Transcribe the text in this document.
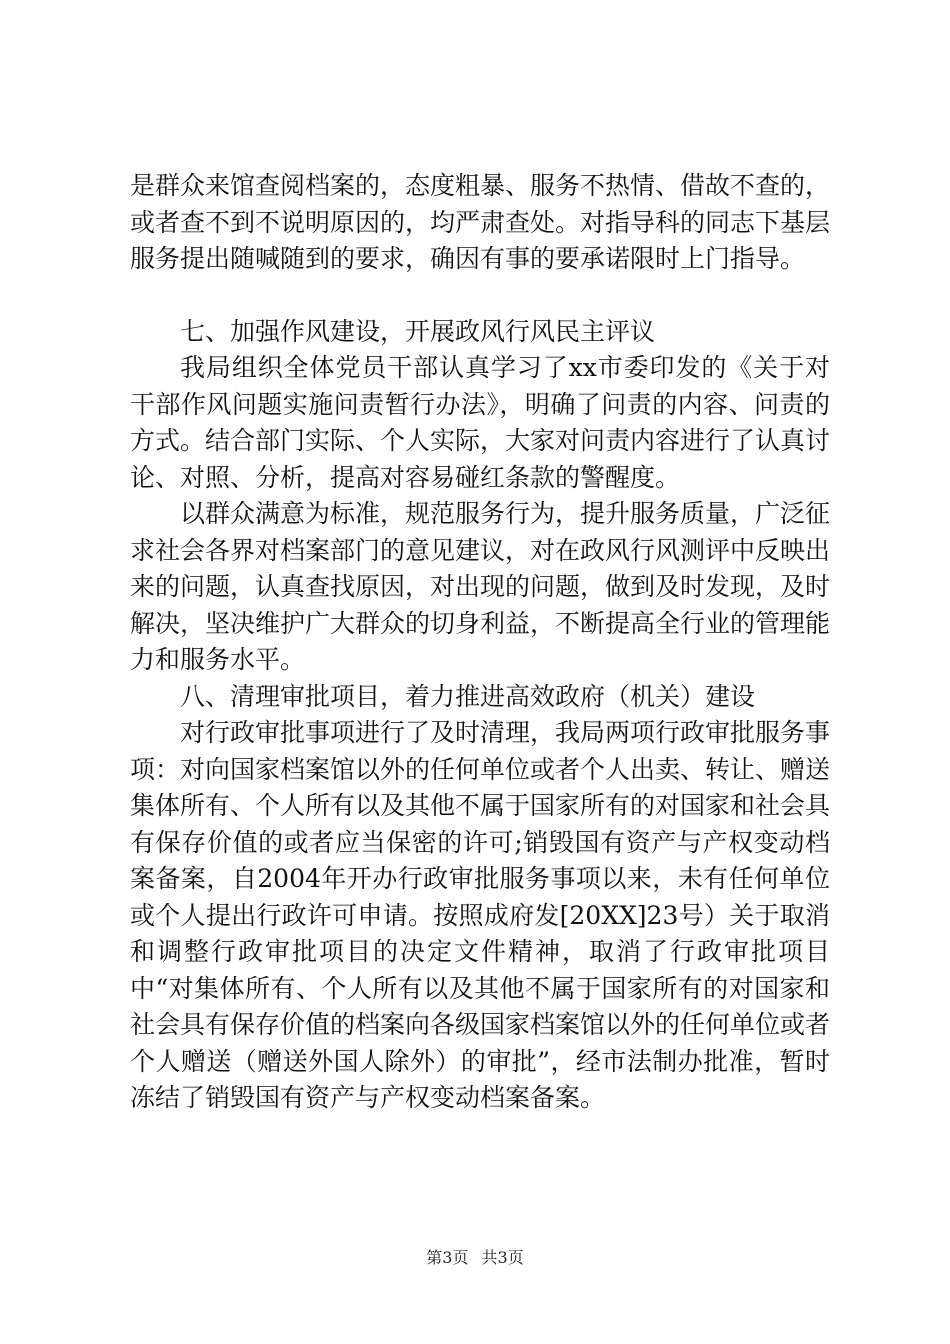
是群众来馆查阅档案的，态度粗暴、服务不热情、借故不查的，或者查不到不说明原因的，均严肃查处。对指导科的同志下基层服务提出随喊随到的要求，确因有事的要承诺限时上门指导。

七、加强作风建设，开展政风行风民主评议

我局组织全体党员干部认真学习了xx市委印发的《关于对干部作风问题实施问责暂行办法》，明确了问责的内容、问责的方式。结合部门实际、个人实际，大家对问责内容进行了认真讨论、对照、分析，提高对容易碰红条款的警醒度。

以群众满意为标准，规范服务行为，提升服务质量，广泛征求社会各界对档案部门的意见建议，对在政风行风测评中反映出来的问题，认真查找原因，对出现的问题，做到及时发现，及时解决，坚决维护广大群众的切身利益，不断提高全行业的管理能力和服务水平。

八、清理审批项目，着力推进高效政府（机关）建设

对行政审批事项进行了及时清理，我局两项行政审批服务事项：对向国家档案馆以外的任何单位或者个人出卖、转让、赠送集体所有、个人所有以及其他不属于国家所有的对国家和社会具有保存价值的或者应当保密的许可;销毁国有资产与产权变动档案备案，自2004年开办行政审批服务事项以来，未有任何单位或个人提出行政许可申请。按照成府发[20XX]23号）关于取消和调整行政审批项目的决定文件精神，取消了行政审批项目中“对集体所有、个人所有以及其他不属于国家所有的对国家和社会具有保存价值的档案向各级国家档案馆以外的任何单位或者个人赠送（赠送外国人除外）的审批”，经市法制办批准，暂时冻结了销毁国有资产与产权变动档案备案。

第3页 共3页
